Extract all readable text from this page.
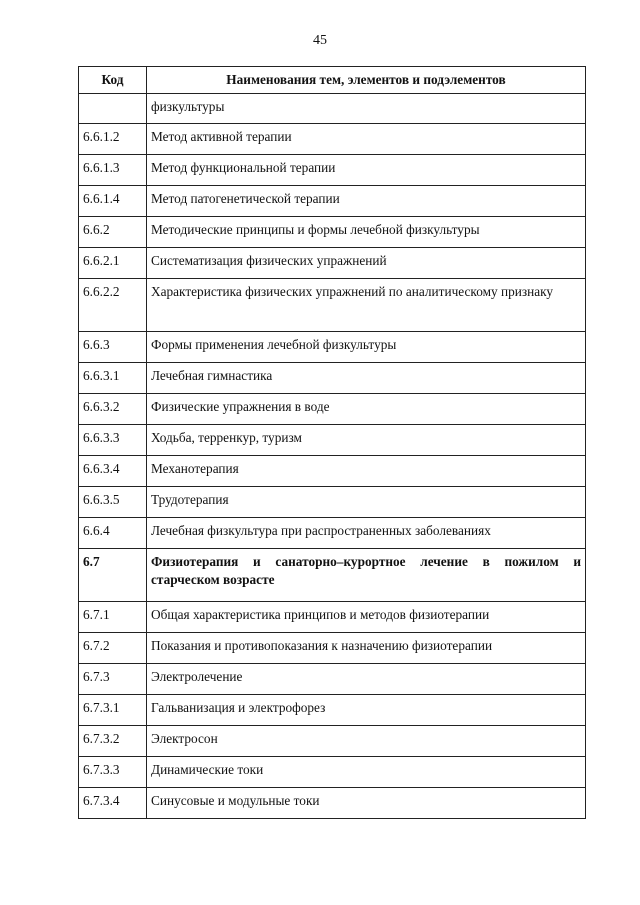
45
Код	Наименования тем, элементов и подэлементов
	физкультуры
6.6.1.2	Метод активной терапии
6.6.1.3	Метод функциональной терапии
6.6.1.4	Метод патогенетической терапии
6.6.2	Методические принципы и формы лечебной физкультуры
6.6.2.1	Систематизация физических упражнений
6.6.2.2	Характеристика физических упражнений по аналитическому признаку
6.6.3	Формы применения лечебной физкультуры
6.6.3.1	Лечебная гимнастика
6.6.3.2	Физические упражнения в воде
6.6.3.3	Ходьба, терренкур, туризм
6.6.3.4	Механотерапия
6.6.3.5	Трудотерапия
6.6.4	Лечебная физкультура при распространенных заболеваниях
6.7	Физиотерапия и санаторно–курортное лечение в пожилом и старческом возрасте
6.7.1	Общая характеристика принципов и методов физиотерапии
6.7.2	Показания и противопоказания к назначению физиотерапии
6.7.3	Электролечение
6.7.3.1	Гальванизация и электрофорез
6.7.3.2	Электросон
6.7.3.3	Динамические токи
6.7.3.4	Синусовые и модульные токи
